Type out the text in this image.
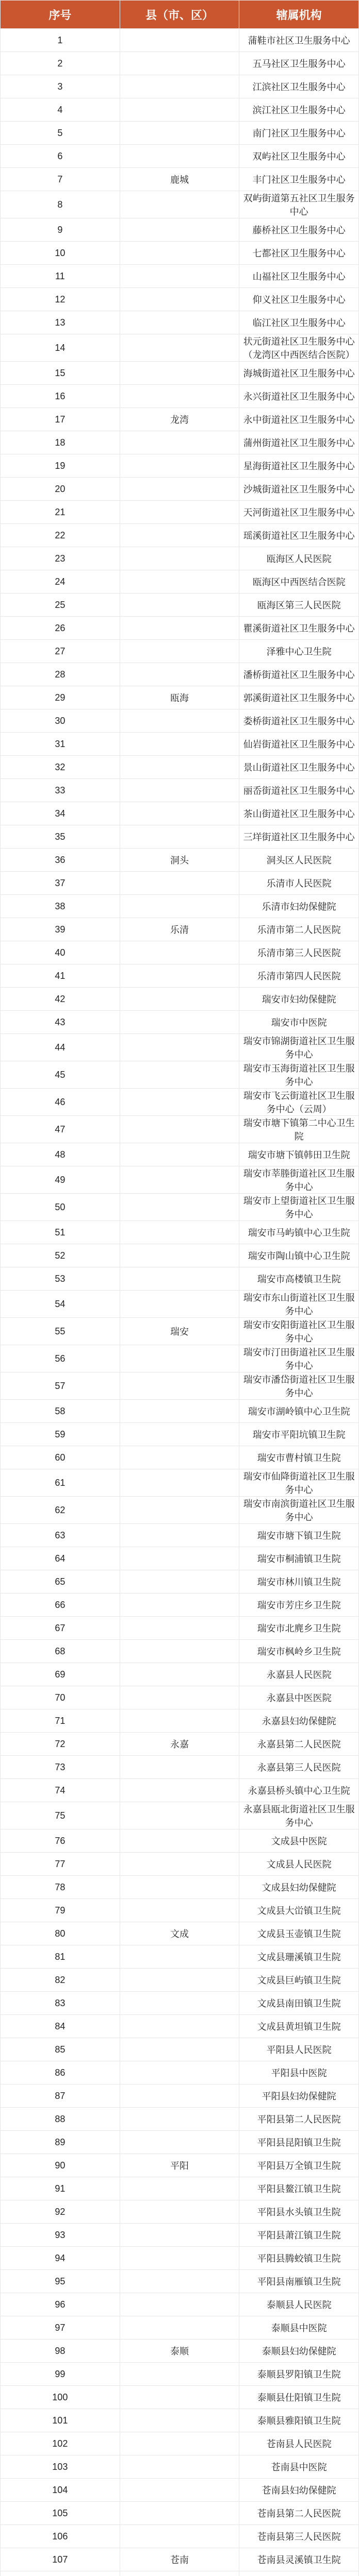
序号	县（市、区）	辖属机构
1		蒲鞋市社区卫生服务中心
2		五马社区卫生服务中心
3		江滨社区卫生服务中心
4		滨江社区卫生服务中心
5		南门社区卫生服务中心
6		双屿社区卫生服务中心
7	鹿城	丰门社区卫生服务中心
8		双屿街道第五社区卫生服务中心
9		藤桥社区卫生服务中心
10		七都社区卫生服务中心
11		山福社区卫生服务中心
12		仰义社区卫生服务中心
13		临江社区卫生服务中心
14		状元街道社区卫生服务中心（龙湾区中西医结合医院）
15		海城街道社区卫生服务中心
16		永兴街道社区卫生服务中心
17	龙湾	永中街道社区卫生服务中心
18		蒲州街道社区卫生服务中心
19		星海街道社区卫生服务中心
20		沙城街道社区卫生服务中心
21		天河街道社区卫生服务中心
22		瑶溪街道社区卫生服务中心
23		瓯海区人民医院
24		瓯海区中西医结合医院
25		瓯海区第三人民医院
26		瞿溪街道社区卫生服务中心
27		泽雅中心卫生院
28		潘桥街道社区卫生服务中心
29	瓯海	郭溪街道社区卫生服务中心
30		娄桥街道社区卫生服务中心
31		仙岩街道社区卫生服务中心
32		景山街道社区卫生服务中心
33		丽岙街道社区卫生服务中心
34		茶山街道社区卫生服务中心
35		三垟街道社区卫生服务中心
36	洞头	洞头区人民医院
37		乐清市人民医院
38		乐清市妇幼保健院
39	乐清	乐清市第二人民医院
40		乐清市第三人民医院
41		乐清市第四人民医院
42		瑞安市妇幼保健院
43		瑞安市中医院
44		瑞安市锦湖街道社区卫生服务中心
45		瑞安市玉海街道社区卫生服务中心
46		瑞安市飞云街道社区卫生服务中心（云周）
47		瑞安市塘下镇第二中心卫生院
48		瑞安市塘下镇韩田卫生院
49		瑞安市莘塍街道社区卫生服务中心
50		瑞安市上望街道社区卫生服务中心
51		瑞安市马屿镇中心卫生院
52		瑞安市陶山镇中心卫生院
53		瑞安市高楼镇卫生院
54		瑞安市东山街道社区卫生服务中心
55	瑞安	瑞安市安阳街道社区卫生服务中心
56		瑞安市汀田街道社区卫生服务中心
57		瑞安市潘岱街道社区卫生服务中心
58		瑞安市湖岭镇中心卫生院
59		瑞安市平阳坑镇卫生院
60		瑞安市曹村镇卫生院
61		瑞安市仙降街道社区卫生服务中心
62		瑞安市南滨街道社区卫生服务中心
63		瑞安市塘下镇卫生院
64		瑞安市桐浦镇卫生院
65		瑞安市林川镇卫生院
66		瑞安市芳庄乡卫生院
67		瑞安市北麂乡卫生院
68		瑞安市枫岭乡卫生院
69		永嘉县人民医院
70		永嘉县中医医院
71		永嘉县妇幼保健院
72	永嘉	永嘉县第二人民医院
73		永嘉县第三人民医院
74		永嘉县桥头镇中心卫生院
75		永嘉县瓯北街道社区卫生服务中心
76		文成县中医院
77		文成县人民医院
78		文成县妇幼保健院
79		文成县大峃镇卫生院
80	文成	文成县玉壶镇卫生院
81		文成县珊溪镇卫生院
82		文成县巨屿镇卫生院
83		文成县南田镇卫生院
84		文成县黄坦镇卫生院
85		平阳县人民医院
86		平阳县中医院
87		平阳县妇幼保健院
88		平阳县第二人民医院
89		平阳县昆阳镇卫生院
90	平阳	平阳县万全镇卫生院
91		平阳县鳌江镇卫生院
92		平阳县水头镇卫生院
93		平阳县萧江镇卫生院
94		平阳县腾蛟镇卫生院
95		平阳县南雁镇卫生院
96		泰顺县人民医院
97		泰顺县中医院
98	泰顺	泰顺县妇幼保健院
99		泰顺县罗阳镇卫生院
100		泰顺县仕阳镇卫生院
101		泰顺县雅阳镇卫生院
102		苍南县人民医院
103		苍南县中医院
104		苍南县妇幼保健院
105		苍南县第二人民医院
106		苍南县第三人民医院
107	苍南	苍南县灵溪镇卫生院
